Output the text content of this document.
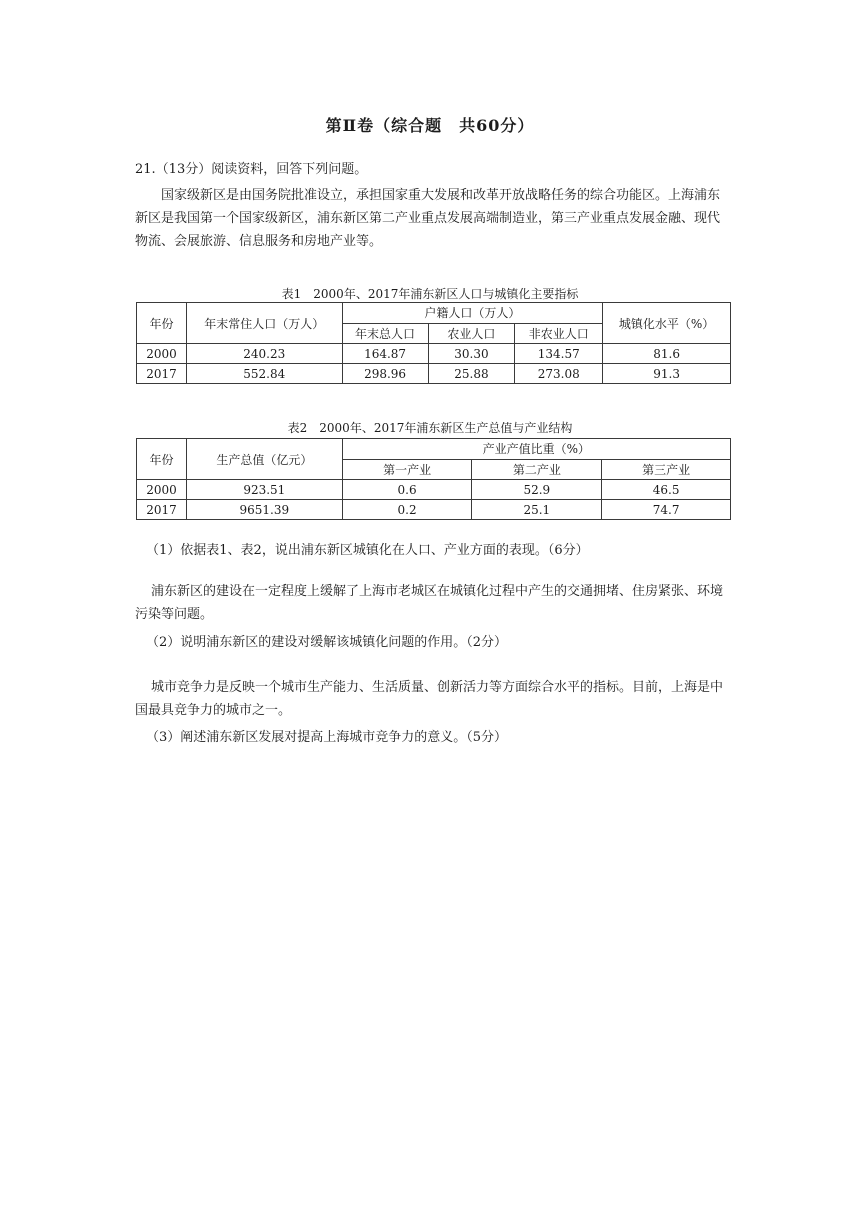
第Ⅱ卷（综合题　共60分）
21.（13分）阅读资料，回答下列问题。
国家级新区是由国务院批准设立，承担国家重大发展和改革开放战略任务的综合功能区。上海浦东新区是我国第一个国家级新区，浦东新区第二产业重点发展高端制造业，第三产业重点发展金融、现代物流、会展旅游、信息服务和房地产业等。
表1　2000年、2017年浦东新区人口与城镇化主要指标
年份	年末常住人口（万人）	户籍人口（万人）			城镇化水平（%）
		年末总人口	农业人口	非农业人口	
2000	240.23	164.87	30.30	134.57	81.6
2017	552.84	298.96	25.88	273.08	91.3
表2　2000年、2017年浦东新区生产总值与产业结构
年份	生产总值（亿元）	产业产值比重（%）		
		第一产业	第二产业	第三产业
2000	923.51	0.6	52.9	46.5
2017	9651.39	0.2	25.1	74.7
（1）依据表1、表2，说出浦东新区城镇化在人口、产业方面的表现。（6分）
浦东新区的建设在一定程度上缓解了上海市老城区在城镇化过程中产生的交通拥堵、住房紧张、环境污染等问题。
（2）说明浦东新区的建设对缓解该城镇化问题的作用。（2分）
城市竞争力是反映一个城市生产能力、生活质量、创新活力等方面综合水平的指标。目前，上海是中国最具竞争力的城市之一。
（3）阐述浦东新区发展对提高上海城市竞争力的意义。（5分）
